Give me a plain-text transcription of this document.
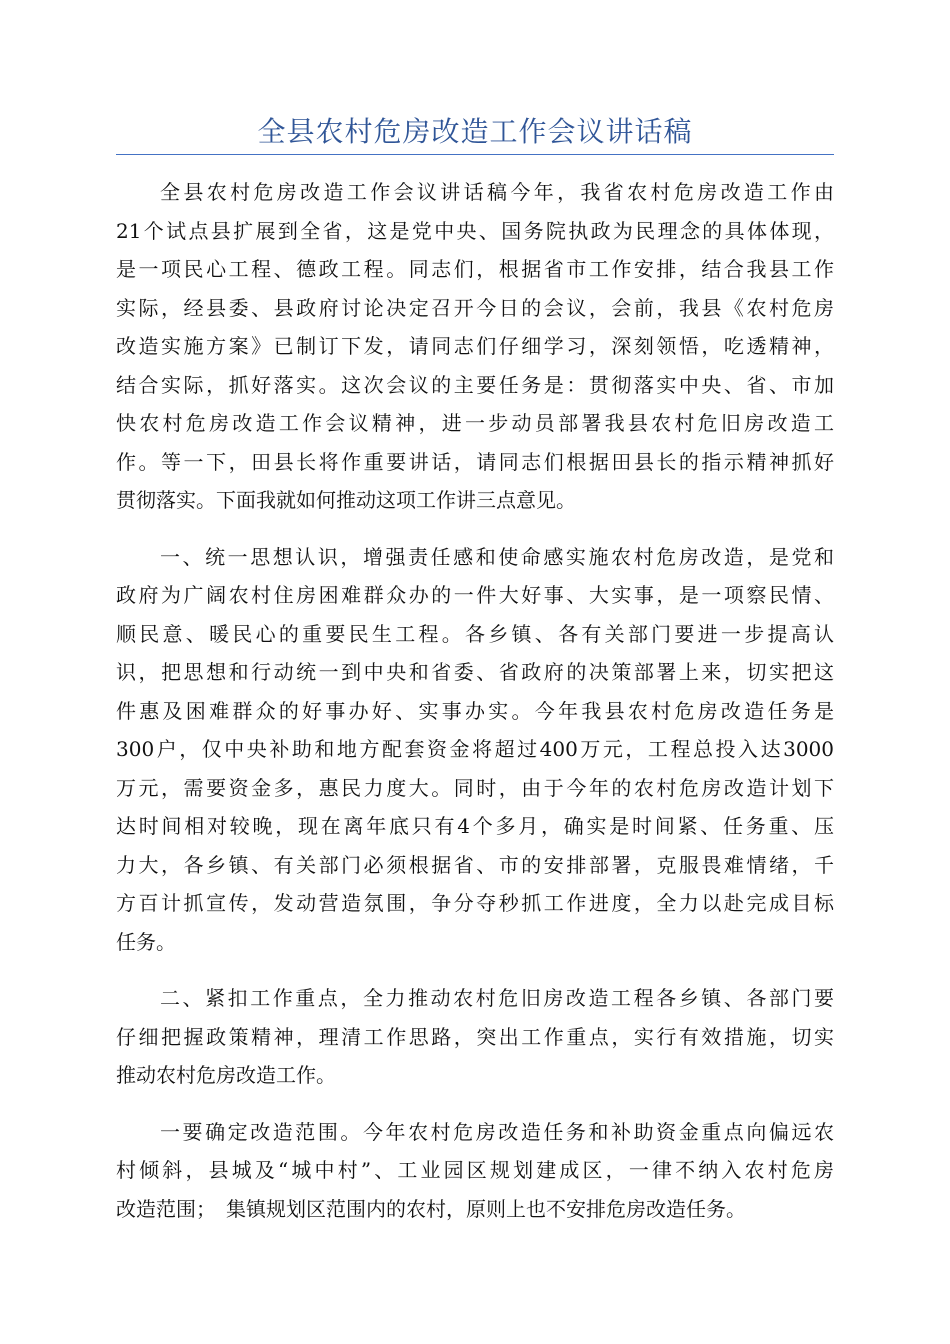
全县农村危房改造工作会议讲话稿
全县农村危房改造工作会议讲话稿今年，我省农村危房改造工作由
21个试点县扩展到全省，这是党中央、国务院执政为民理念的具体体现，
是一项民心工程、德政工程。同志们，根据省市工作安排，结合我县工作
实际，经县委、县政府讨论决定召开今日的会议，会前，我县《农村危房
改造实施方案》已制订下发，请同志们仔细学习，深刻领悟，吃透精神，
结合实际，抓好落实。这次会议的主要任务是：贯彻落实中央、省、市加
快农村危房改造工作会议精神，进一步动员部署我县农村危旧房改造工
作。等一下，田县长将作重要讲话，请同志们根据田县长的指示精神抓好
贯彻落实。下面我就如何推动这项工作讲三点意见。
一、统一思想认识，增强责任感和使命感实施农村危房改造，是党和
政府为广阔农村住房困难群众办的一件大好事、大实事，是一项察民情、
顺民意、暖民心的重要民生工程。各乡镇、各有关部门要进一步提高认
识，把思想和行动统一到中央和省委、省政府的决策部署上来，切实把这
件惠及困难群众的好事办好、实事办实。今年我县农村危房改造任务是
300户，仅中央补助和地方配套资金将超过400万元，工程总投入达3000
万元，需要资金多，惠民力度大。同时，由于今年的农村危房改造计划下
达时间相对较晚，现在离年底只有4个多月，确实是时间紧、任务重、压
力大，各乡镇、有关部门必须根据省、市的安排部署，克服畏难情绪，千
方百计抓宣传，发动营造氛围，争分夺秒抓工作进度，全力以赴完成目标
任务。
二、紧扣工作重点，全力推动农村危旧房改造工程各乡镇、各部门要
仔细把握政策精神，理清工作思路，突出工作重点，实行有效措施，切实
推动农村危房改造工作。
一要确定改造范围。今年农村危房改造任务和补助资金重点向偏远农
村倾斜，县城及“城中村”、工业园区规划建成区，一律不纳入农村危房
改造范围；　集镇规划区范围内的农村，原则上也不安排危房改造任务。
